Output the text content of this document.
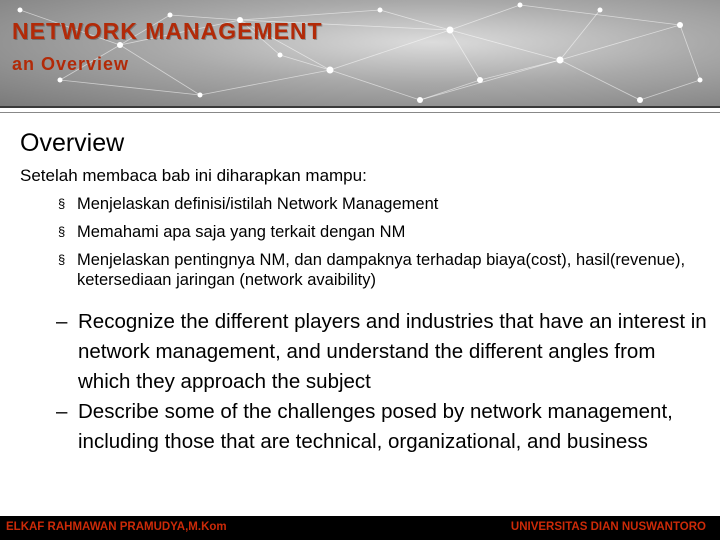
NETWORK MANAGEMENT
an Overview
Overview

Setelah membaca bab ini diharapkan mampu:

§ Menjelaskan definisi/istilah Network Management
§ Memahami apa saja yang terkait dengan NM
§ Menjelaskan pentingnya NM, dan dampaknya terhadap biaya(cost), hasil(revenue), ketersediaan jaringan (network avaibility)
– Recognize the different players and industries that have an interest in network management, and understand the different angles from which they approach the subject
– Describe some of the challenges posed by network management, including those that are technical, organizational, and business
ELKAF RAHMAWAN PRAMUDYA,M.Kom	UNIVERSITAS DIAN NUSWANTORO
